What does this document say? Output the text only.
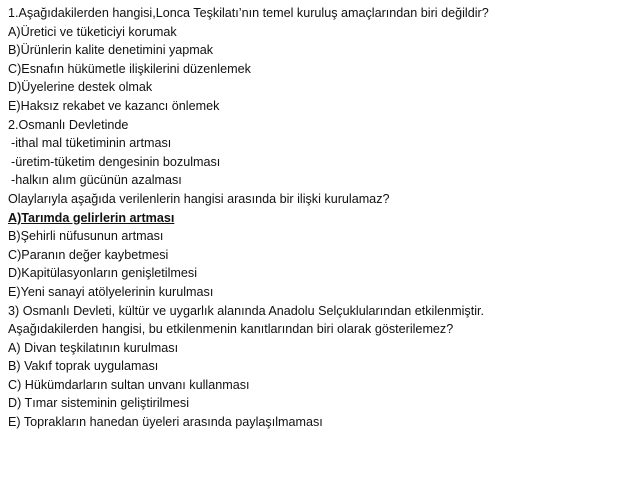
1.Aşağıdakilerden hangisi,Lonca Teşkilatı’nın temel kuruluş amaçlarından biri değildir?
A)Üretici ve tüketiciyi korumak
B)Ürünlerin kalite denetimini yapmak
C)Esnafın hükümetle ilişkilerini düzenlemek
D)Üyelerine destek olmak
E)Haksız rekabet ve kazancı önlemek
2.Osmanlı Devletinde
-ithal mal tüketiminin artması
-üretim-tüketim dengesinin bozulması
-halkın alım gücünün azalması
Olaylarıyla aşağıda verilenlerin hangisi arasında bir ilişki kurulamaz?
A)Tarımda gelirlerin artması
B)Şehirli nüfusunun artması
C)Paranın değer kaybetmesi
D)Kapitülasyonların genişletilmesi
E)Yeni sanayi atölyelerinin kurulması
3) Osmanlı Devleti, kültür ve uygarlık alanında Anadolu Selçuklularından etkilenmiştir.
Aşağıdakilerden hangisi, bu etkilenmenin kanıtlarından biri olarak gösterilemez?
A) Divan teşkilatının kurulması
B) Vakıf toprak uygulaması
C) Hükümdarların sultan unvanı kullanması
D) Tımar sisteminin geliştirilmesi
E) Toprakların hanedan üyeleri arasında paylaşılmaması
